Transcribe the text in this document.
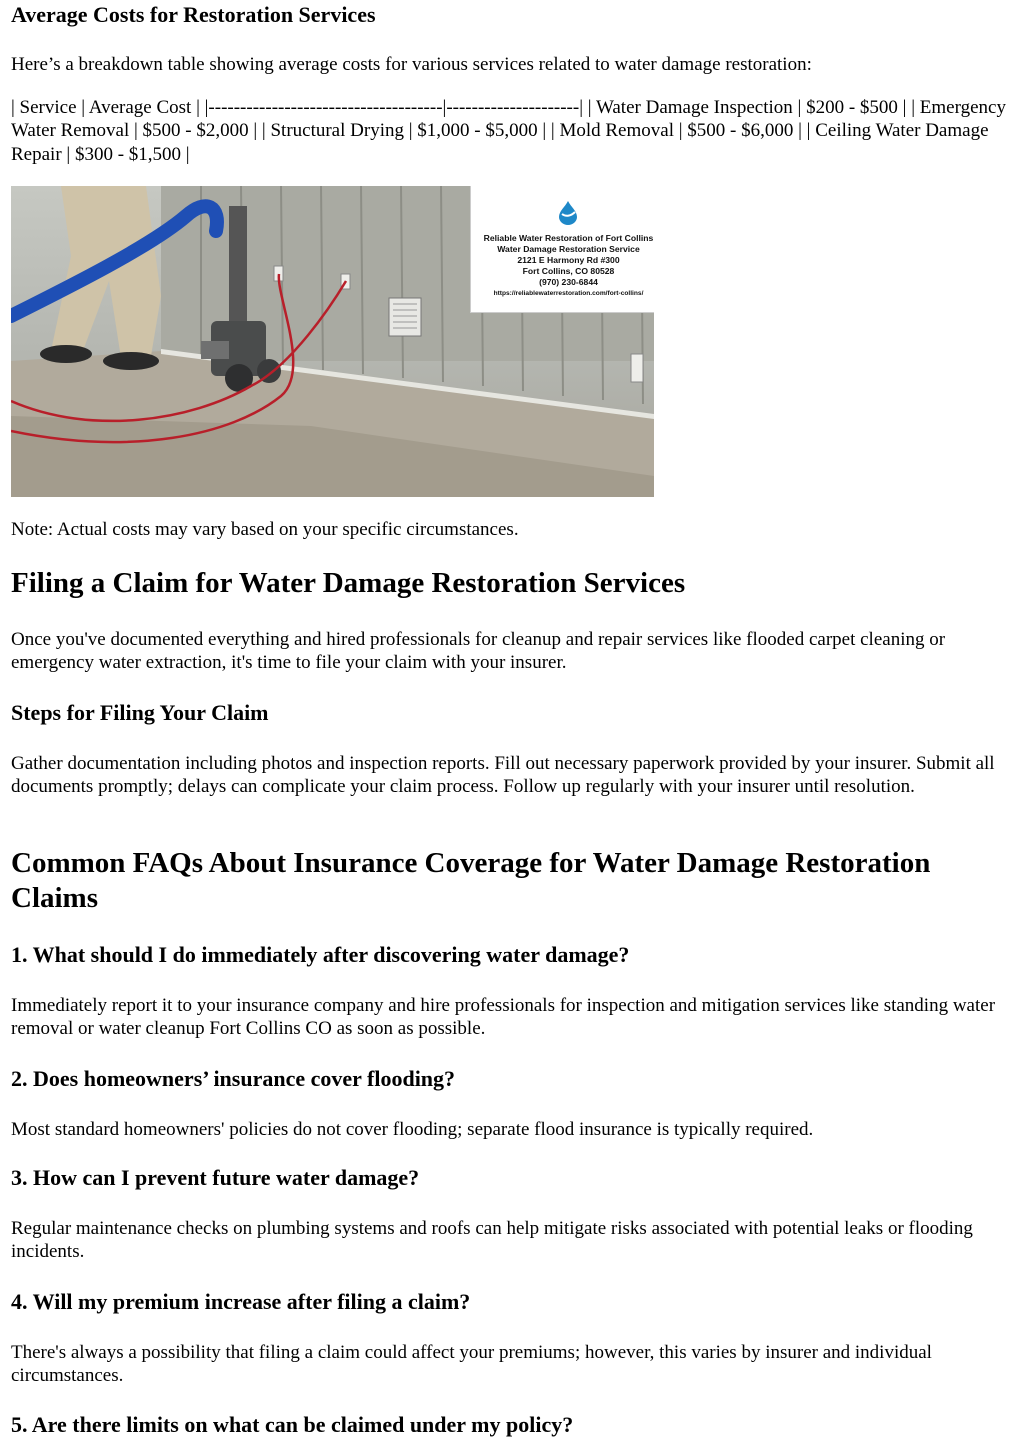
Average Costs for Restoration Services

Here’s a breakdown table showing average costs for various services related to water damage restoration:

| Service | Average Cost | |-------------------------------------|---------------------| | Water Damage Inspection | $200 - $500 | | Emergency Water Removal | $500 - $2,000 | | Structural Drying | $1,000 - $5,000 | | Mold Removal | $500 - $6,000 | | Ceiling Water Damage Repair | $300 - $1,500 |

Reliable Water Restoration of Fort Collins
Water Damage Restoration Service
2121 E Harmony Rd #300
Fort Collins, CO 80528
(970) 230-6844
https://reliablewaterrestoration.com/fort-collins/

Note: Actual costs may vary based on your specific circumstances.

Filing a Claim for Water Damage Restoration Services

Once you've documented everything and hired professionals for cleanup and repair services like flooded carpet cleaning or emergency water extraction, it's time to file your claim with your insurer.

Steps for Filing Your Claim

Gather documentation including photos and inspection reports. Fill out necessary paperwork provided by your insurer. Submit all documents promptly; delays can complicate your claim process. Follow up regularly with your insurer until resolution.

Common FAQs About Insurance Coverage for Water Damage Restoration Claims
1. What should I do immediately after discovering water damage?

Immediately report it to your insurance company and hire professionals for inspection and mitigation services like standing water removal or water cleanup Fort Collins CO as soon as possible.

2. Does homeowners’ insurance cover flooding?

Most standard homeowners' policies do not cover flooding; separate flood insurance is typically required.

3. How can I prevent future water damage?

Regular maintenance checks on plumbing systems and roofs can help mitigate risks associated with potential leaks or flooding incidents.

4. Will my premium increase after filing a claim?

There's always a possibility that filing a claim could affect your premiums; however, this varies by insurer and individual circumstances.

5. Are there limits on what can be claimed under my policy?
